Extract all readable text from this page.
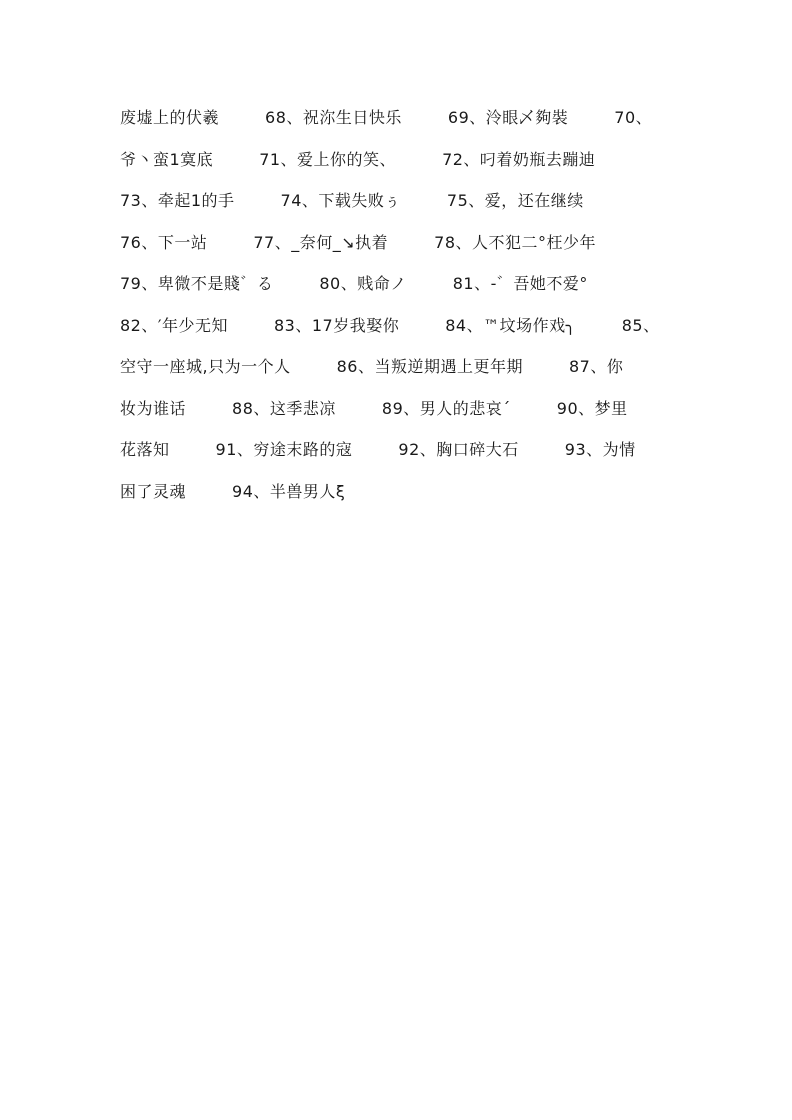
废墟上的伏羲	68、祝沵生日快乐	69、泠眼乄夠裝	70、
爷丶蛮1寞底	71、爱上你的笑、	72、叼着奶瓶去蹦迪
73、牵起1的手	74、下载失败ぅ	75、爱，还在继续
76、下一站	77、_奈何_↘执着	78、人不犯二°枉少年
79、卑微不是賤゛る	80、贱命ノ	81、-゛吾她不爱°
82、′年少无知	83、17岁我娶你	84、™坟场作戏╮	85、
空守一座城,只为一个人	86、当叛逆期遇上更年期	87、你
妆为谁话	88、这季悲凉	89、男人的悲哀ˊ	90、梦里
花落知	91、穷途末路的寇	92、胸口碎大石	93、为情
困了灵魂	94、半兽男人ξ
